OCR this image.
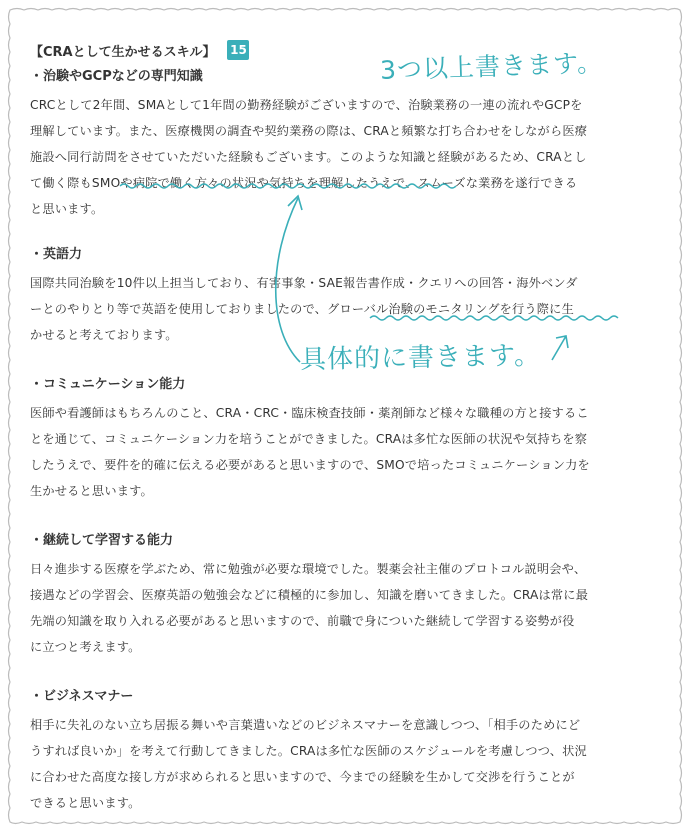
【CRAとして生かせるスキル】 15
・治験やGCPなどの専門知識

CRCとして2年間、SMAとして1年間の勤務経験がございますので、治験業務の一連の流れやGCPを
理解しています。また、医療機関の調査や契約業務の際は、CRAと頻繁な打ち合わせをしながら医療
施設へ同行訪問をさせていただいた経験もございます。このような知識と経験があるため、CRAとし
て働く際もSMOや病院で働く方々の状況や気持ちを理解したうえで、スムーズな業務を遂行できる
と思います。

・英語力

国際共同治験を10件以上担当しており、有害事象・SAE報告書作成・クエリへの回答・海外ベンダ
ーとのやりとり等で英語を使用しておりましたので、グローバル治験のモニタリングを行う際に生
かせると考えております。

・コミュニケーション能力

医師や看護師はもちろんのこと、CRA・CRC・臨床検査技師・薬剤師など様々な職種の方と接するこ
とを通じて、コミュニケーション力を培うことができました。CRAは多忙な医師の状況や気持ちを察
したうえで、要件を的確に伝える必要があると思いますので、SMOで培ったコミュニケーション力を
生かせると思います。

・継続して学習する能力

日々進歩する医療を学ぶため、常に勉強が必要な環境でした。製薬会社主催のプロトコル説明会や、
接遇などの学習会、医療英語の勉強会などに積極的に参加し、知識を磨いてきました。CRAは常に最
先端の知識を取り入れる必要があると思いますので、前職で身についた継続して学習する姿勢が役
に立つと考えます。

・ビジネスマナー

相手に失礼のない立ち居振る舞いや言葉遣いなどのビジネスマナーを意識しつつ、「相手のためにど
うすれば良いか」を考えて行動してきました。CRAは多忙な医師のスケジュールを考慮しつつ、状況
に合わせた高度な接し方が求められると思いますので、今までの経験を生かして交渉を行うことが
できると思います。

3つ以上書きます。
具体的に書きます。
